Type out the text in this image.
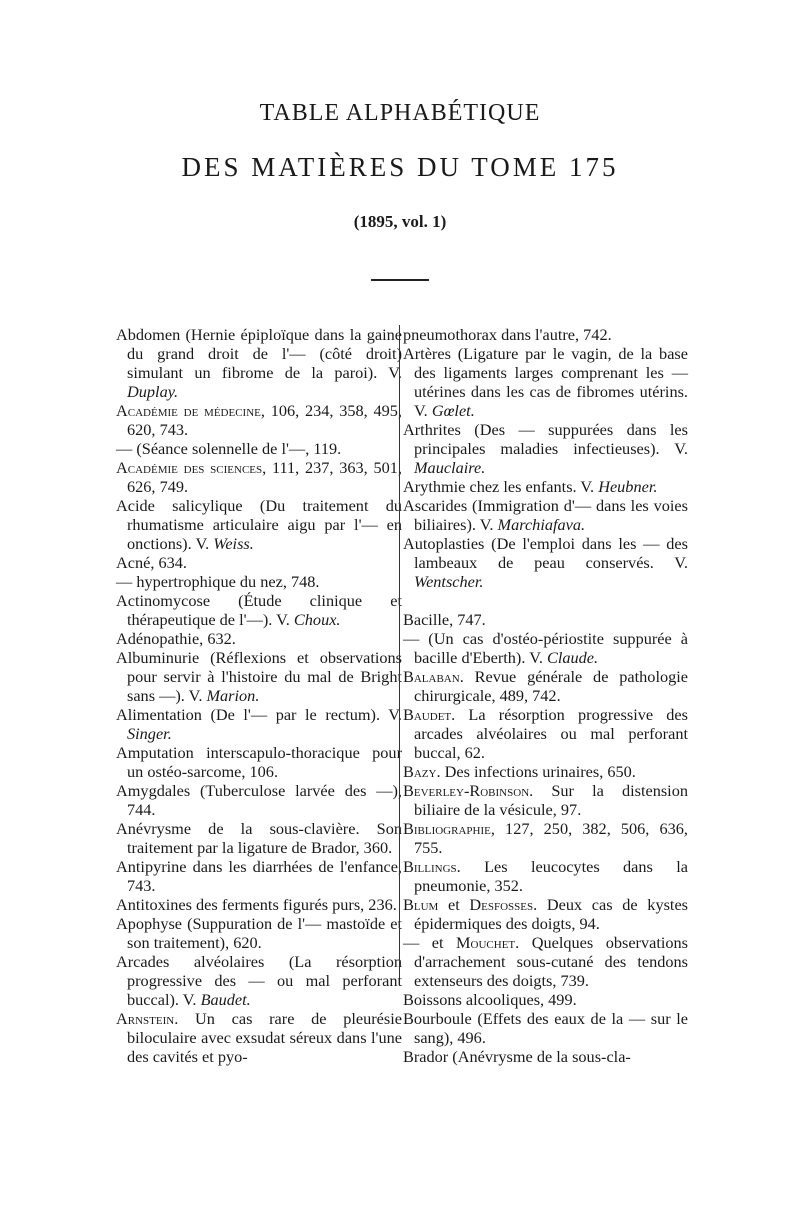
TABLE ALPHABÉTIQUE
DES MATIÈRES DU TOME 175
(1895, vol. 1)

Abdomen (Hernie épiploïque dans la gaine du grand droit de l'— (côté droit) simulant un fibrome de la paroi). V. Duplay.

Académie de médecine, 106, 234, 358, 495, 620, 743.

— (Séance solennelle de l'—, 119.

Académie des sciences, 111, 237, 363, 501, 626, 749.

Acide salicylique (Du traitement du rhumatisme articulaire aigu par l'— en onctions). V. Weiss.

Acné, 634.

— hypertrophique du nez, 748.

Actinomycose (Étude clinique et thérapeutique de l'—). V. Choux.

Adénopathie, 632.

Albuminurie (Réflexions et observations pour servir à l'histoire du mal de Bright sans —). V. Marion.

Alimentation (De l'— par le rectum). V. Singer.

Amputation interscapulo-thoracique pour un ostéo-sarcome, 106.

Amygdales (Tuberculose larvée des —), 744.

Anévrysme de la sous-clavière. Son traitement par la ligature de Brador, 360.

Antipyrine dans les diarrhées de l'enfance, 743.

Antitoxines des ferments figurés purs, 236.

Apophyse (Suppuration de l'— mastoïde et son traitement), 620.

Arcades alvéolaires (La résorption progressive des — ou mal perforant buccal). V. Baudet.

Arnstein. Un cas rare de pleurésie biloculaire avec exsudat séreux dans l'une des cavités et pyo-

pneumothorax dans l'autre, 742.

Artères (Ligature par le vagin, de la base des ligaments larges comprenant les — utérines dans les cas de fibromes utérins. V. Gœlet.

Arthrites (Des — suppurées dans les principales maladies infectieuses). V. Mauclaire.

Arythmie chez les enfants. V. Heubner.

Ascarides (Immigration d'— dans les voies biliaires). V. Marchiafava.

Autoplasties (De l'emploi dans les — des lambeaux de peau conservés. V. Wentscher.

Bacille, 747.

— (Un cas d'ostéo-périostite suppurée à bacille d'Eberth). V. Claude.

Balaban. Revue générale de pathologie chirurgicale, 489, 742.

Baudet. La résorption progressive des arcades alvéolaires ou mal perforant buccal, 62.

Bazy. Des infections urinaires, 650.

Beverley-Robinson. Sur la distension biliaire de la vésicule, 97.

Bibliographie, 127, 250, 382, 506, 636, 755.

Billings. Les leucocytes dans la pneumonie, 352.

Blum et Desfosses. Deux cas de kystes épidermiques des doigts, 94.

— et Mouchet. Quelques observations d'arrachement sous-cutané des tendons extenseurs des doigts, 739.

Boissons alcooliques, 499.

Bourboule (Effets des eaux de la — sur le sang), 496.

Brador (Anévrysme de la sous-cla-
